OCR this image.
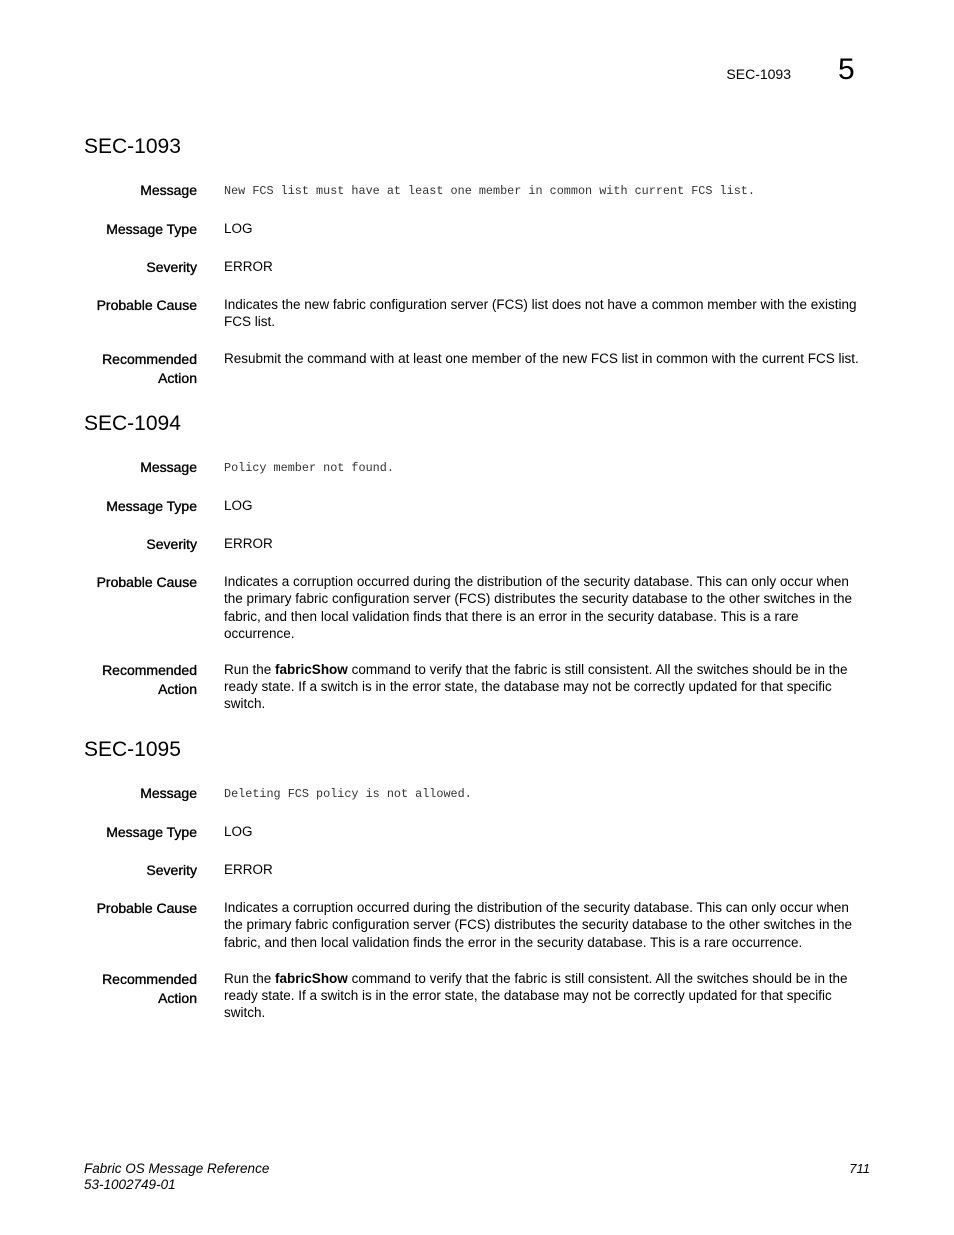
SEC-1093 5
SEC-1093
Message New FCS list must have at least one member in common with current FCS list.
Message Type LOG
Severity ERROR
Probable Cause Indicates the new fabric configuration server (FCS) list does not have a common member with the existing FCS list.
Recommended
Action
Resubmit the command with at least one member of the new FCS list in common with the current FCS list.
SEC-1094
Message Policy member not found.
Message Type LOG
Severity ERROR
Probable Cause Indicates a corruption occurred during the distribution of the security database. This can only occur when the primary fabric configuration server (FCS) distributes the security database to the other switches in the fabric, and then local validation finds that there is an error in the security database. This is a rare occurrence.
Recommended
Action
Run the fabricShow command to verify that the fabric is still consistent. All the switches should be in the ready state. If a switch is in the error state, the database may not be correctly updated for that specific switch.
SEC-1095
Message Deleting FCS policy is not allowed.
Message Type LOG
Severity ERROR
Probable Cause Indicates a corruption occurred during the distribution of the security database. This can only occur when the primary fabric configuration server (FCS) distributes the security database to the other switches in the fabric, and then local validation finds the error in the security database. This is a rare occurrence.
Recommended
Action
Run the fabricShow command to verify that the fabric is still consistent. All the switches should be in the ready state. If a switch is in the error state, the database may not be correctly updated for that specific switch.
Fabric OS Message Reference
53-1002749-01
711
